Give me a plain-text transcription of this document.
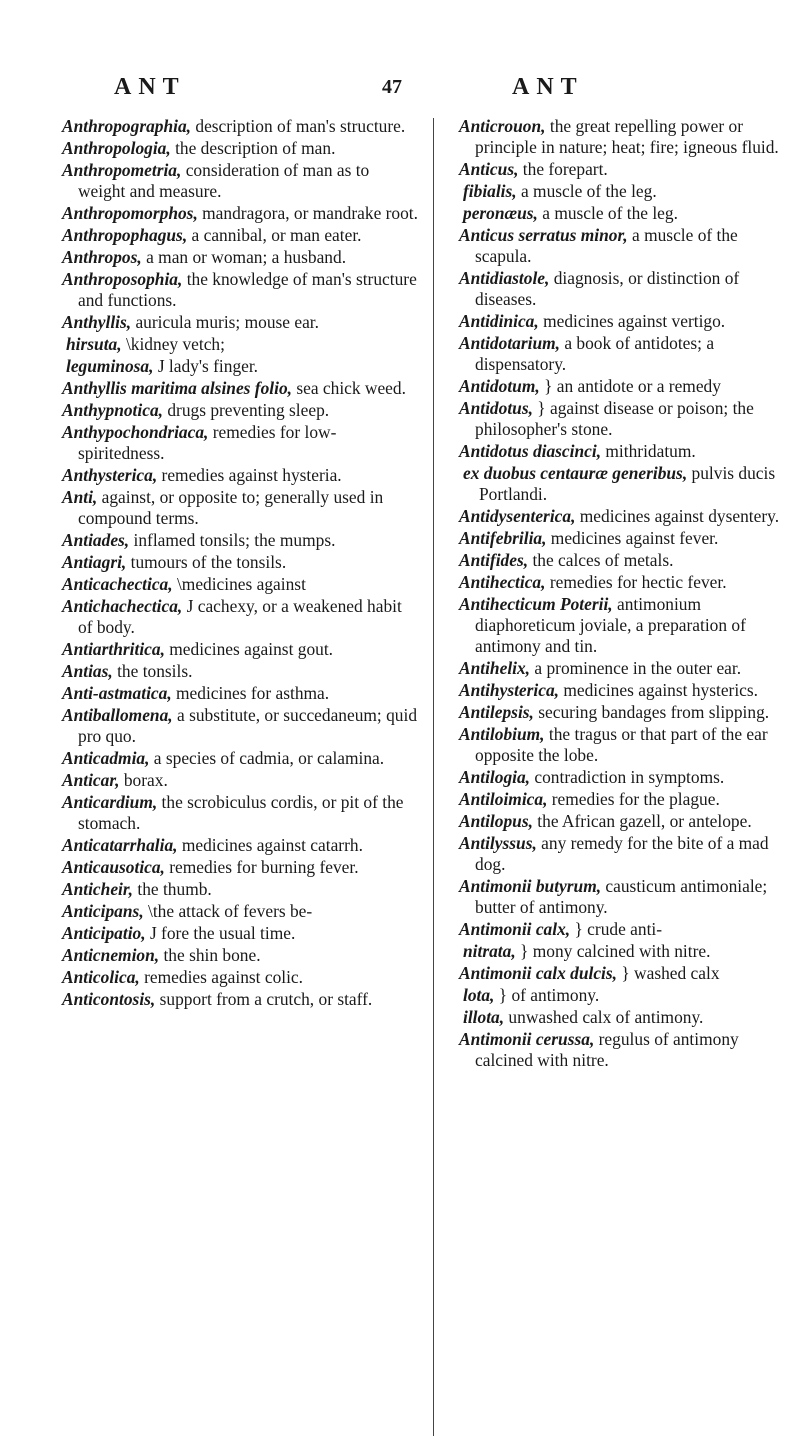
ANT	47	ANT
Anthropographia, description of man's structure.
Anthropologia, the description of man.
Anthropometria, consideration of man as to weight and measure.
Anthropomorphos, mandragora, or mandrake root.
Anthropophagus, a cannibal, or man eater.
Anthropos, a man or woman; a husband.
Anthroposophia, the knowledge of man's structure and functions.
Anthyllis, auricula muris; mouse ear.
hirsuta, \kidney vetch;
leguminosa, J lady's finger.
Anthyllis maritima alsines folio, sea chick weed.
Anthypnotica, drugs preventing sleep.
Anthypochondriaca, remedies for low-spiritedness.
Anthysterica, remedies against hysteria.
Anti, against, or opposite to; generally used in compound terms.
Antiades, inflamed tonsils; the mumps.
Antiagri, tumours of the tonsils.
Anticachectica, \medicines against
Antichachectica, J cachexy, or a weakened habit of body.
Antiarthritica, medicines against gout.
Antias, the tonsils.
Anti-astmatica, medicines for asthma.
Antiballomena, a substitute, or succedaneum; quid pro quo.
Anticadmia, a species of cadmia, or calamina.
Anticar, borax.
Anticardium, the scrobiculus cordis, or pit of the stomach.
Anticatarrhalia, medicines against catarrh.
Anticausotica, remedies for burning fever.
Anticheir, the thumb.
Anticipans, \the attack of fevers be-
Anticipatio, J fore the usual time.
Anticnemion, the shin bone.
Anticolica, remedies against colic.
Anticontosis, support from a crutch, or staff.
Anticrouon, the great repelling power or principle in nature; heat; fire; igneous fluid.
Anticus, the forepart.
fibialis, a muscle of the leg.
peronæus, a muscle of the leg.
Anticus serratus minor, a muscle of the scapula.
Antidiastole, diagnosis, or distinction of diseases.
Antidinica, medicines against vertigo.
Antidotarium, a book of antidotes; a dispensatory.
Antidotum, } an antidote or a remedy
Antidotus, } against disease or poison; the philosopher's stone.
Antidotus diascinci, mithridatum.
ex duobus centauræ generibus, pulvis ducis Portlandi.
Antidysenterica, medicines against dysentery.
Antifebrilia, medicines against fever.
Antifides, the calces of metals.
Antihectica, remedies for hectic fever.
Antihecticum Poterii, antimonium diaphoreticum joviale, a preparation of antimony and tin.
Antihelix, a prominence in the outer ear.
Antihysterica, medicines against hysterics.
Antilepsis, securing bandages from slipping.
Antilobium, the tragus or that part of the ear opposite the lobe.
Antilogia, contradiction in symptoms.
Antiloimica, remedies for the plague.
Antilopus, the African gazell, or antelope.
Antilyssus, any remedy for the bite of a mad dog.
Antimonii butyrum, causticum antimoniale; butter of antimony.
Antimonii calx, } crude anti-
nitrata, } mony calcined with nitre.
Antimonii calx dulcis, } washed calx
lota, } of antimony.
illota, unwashed calx of antimony.
Antimonii cerussa, regulus of antimony calcined with nitre.
